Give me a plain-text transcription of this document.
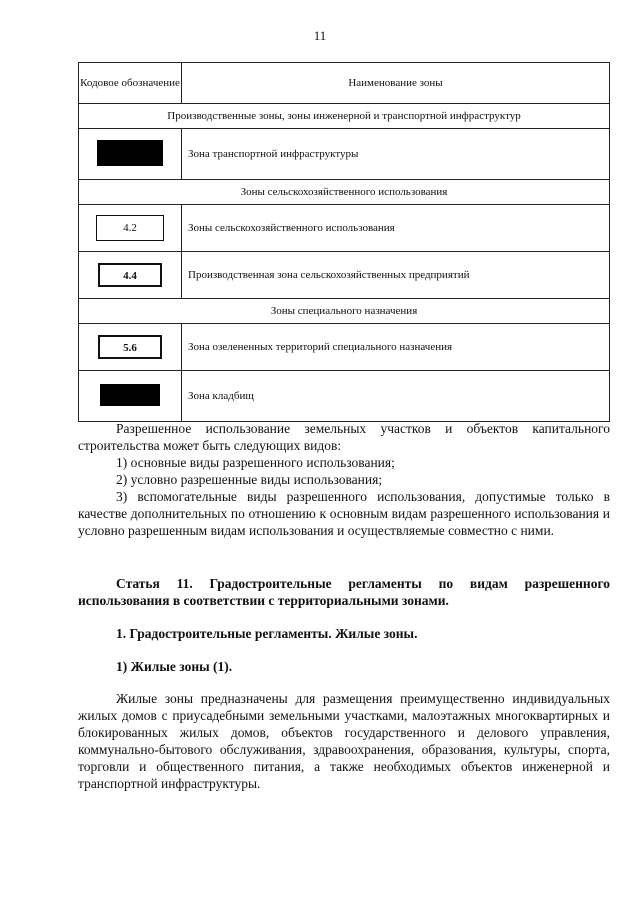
11
Кодовое обозначение	Наименование зоны
Производственные зоны, зоны инженерной и транспортной инфраструктур	
	Зона транспортной инфраструктуры
Зоны сельскохозяйственного использования	
4.2	Зоны сельскохозяйственного использования
4.4	Производственная зона сельскохозяйственных предприятий
Зоны специального назначения	
5.6	Зона озелененных территорий специального назначения
	Зона кладбищ

Разрешенное использование земельных участков и объектов капитального строительства может быть следующих видов:

1) основные виды разрешенного использования;

2) условно разрешенные виды использования;

3) вспомогательные виды разрешенного использования, допустимые только в качестве дополнительных по отношению к основным видам разрешенного использования и условно разрешенным видам использования и осуществляемые совместно с ними.

Статья 11. Градостроительные регламенты по видам разрешенного использования в соответствии с территориальными зонами.
1. Градостроительные регламенты. Жилые зоны.
1) Жилые зоны (1).

Жилые зоны предназначены для размещения преимущественно индивидуальных жилых домов с приусадебными земельными участками, малоэтажных многоквартирных и блокированных жилых домов, объектов государственного и делового управления, коммунально-бытового обслуживания, здравоохранения, образования, культуры, спорта, торговли и общественного питания, а также необходимых объектов инженерной и транспортной инфраструктуры.
